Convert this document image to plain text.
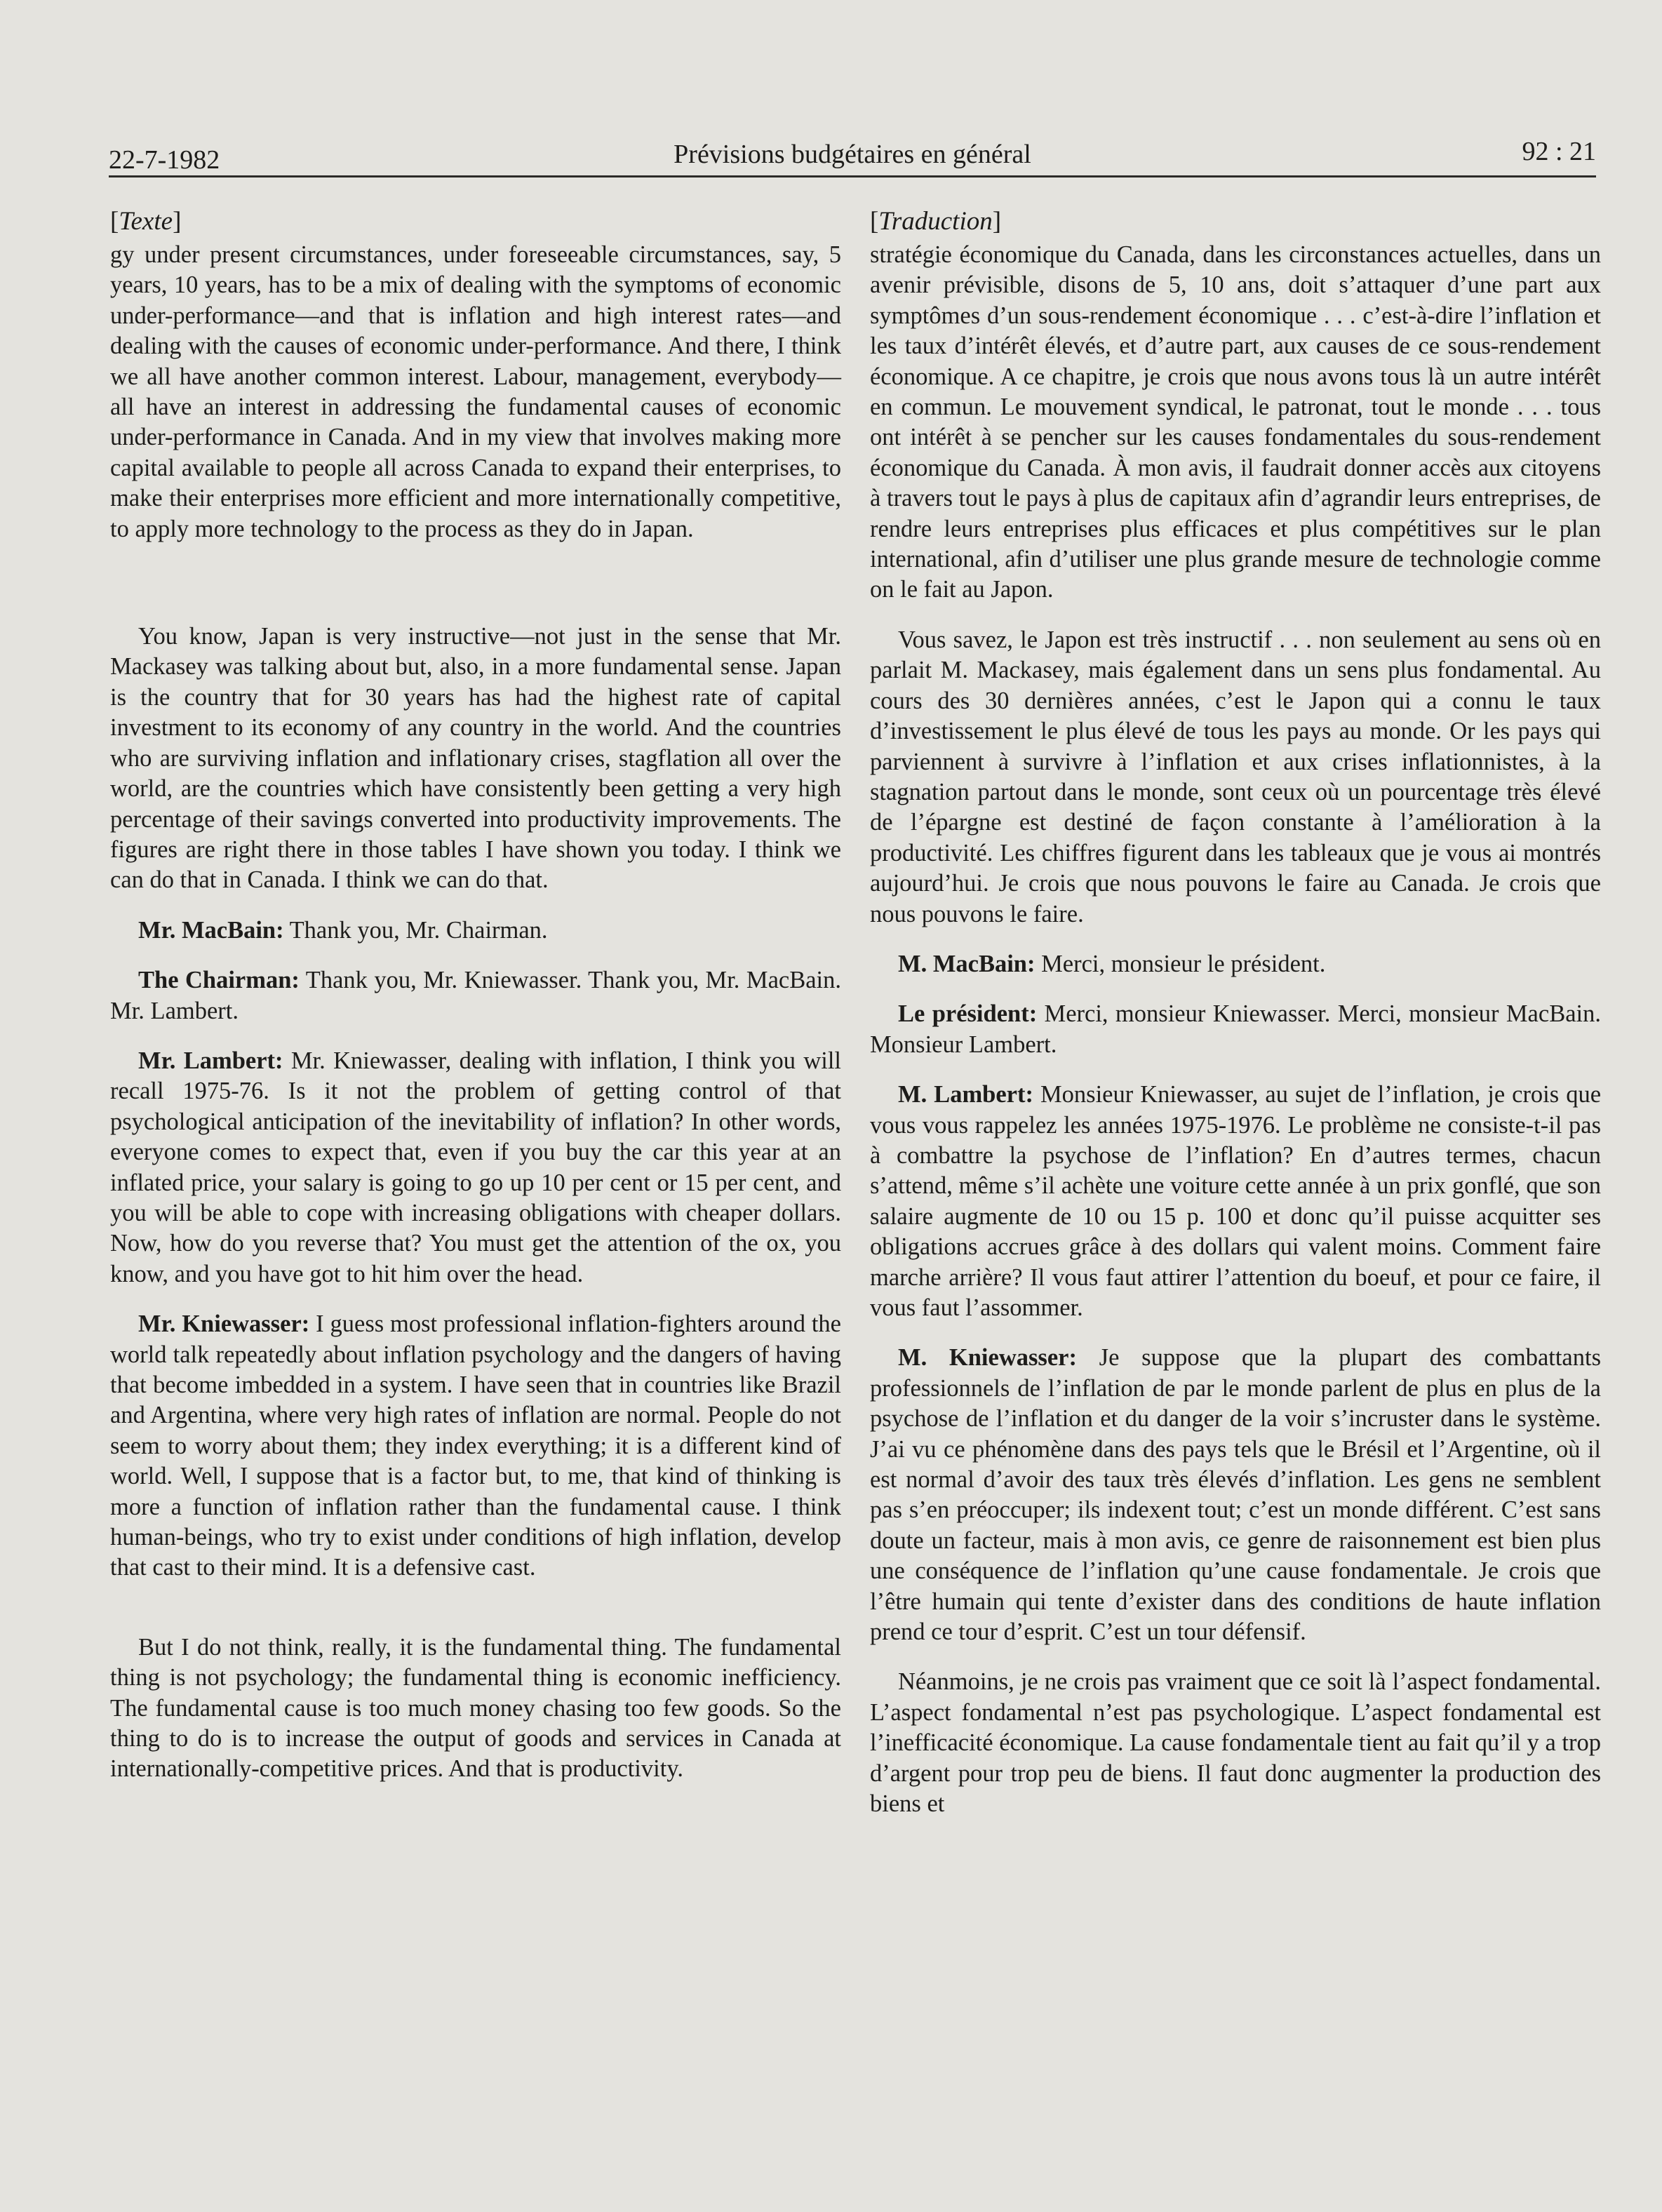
22-7-1982	Prévisions budgétaires en général	92 : 21
[Texte]

gy under present circumstances, under foreseeable circumstances, say, 5 years, 10 years, has to be a mix of dealing with the symptoms of economic under-performance—and that is inflation and high interest rates—and dealing with the causes of economic under-performance. And there, I think we all have another common interest. Labour, management, everybody—all have an interest in addressing the fundamental causes of economic under-performance in Canada. And in my view that involves making more capital available to people all across Canada to expand their enterprises, to make their enterprises more efficient and more internationally competitive, to apply more technology to the process as they do in Japan.

You know, Japan is very instructive—not just in the sense that Mr. Mackasey was talking about but, also, in a more fundamental sense. Japan is the country that for 30 years has had the highest rate of capital investment to its economy of any country in the world. And the countries who are surviving inflation and inflationary crises, stagflation all over the world, are the countries which have consistently been getting a very high percentage of their savings converted into productivity improvements. The figures are right there in those tables I have shown you today. I think we can do that in Canada. I think we can do that.

Mr. MacBain: Thank you, Mr. Chairman.

The Chairman: Thank you, Mr. Kniewasser. Thank you, Mr. MacBain. Mr. Lambert.

Mr. Lambert: Mr. Kniewasser, dealing with inflation, I think you will recall 1975-76. Is it not the problem of getting control of that psychological anticipation of the inevitability of inflation? In other words, everyone comes to expect that, even if you buy the car this year at an inflated price, your salary is going to go up 10 per cent or 15 per cent, and you will be able to cope with increasing obligations with cheaper dollars. Now, how do you reverse that? You must get the attention of the ox, you know, and you have got to hit him over the head.

Mr. Kniewasser: I guess most professional inflation-fighters around the world talk repeatedly about inflation psychology and the dangers of having that become imbedded in a system. I have seen that in countries like Brazil and Argentina, where very high rates of inflation are normal. People do not seem to worry about them; they index everything; it is a different kind of world. Well, I suppose that is a factor but, to me, that kind of thinking is more a function of inflation rather than the fundamental cause. I think human-beings, who try to exist under conditions of high inflation, develop that cast to their mind. It is a defensive cast.

But I do not think, really, it is the fundamental thing. The fundamental thing is not psychology; the fundamental thing is economic inefficiency. The fundamental cause is too much money chasing too few goods. So the thing to do is to increase the output of goods and services in Canada at internationally-competitive prices. And that is productivity.

[Traduction]

stratégie économique du Canada, dans les circonstances actuelles, dans un avenir prévisible, disons de 5, 10 ans, doit s’attaquer d’une part aux symptômes d’un sous-rendement économique . . . c’est-à-dire l’inflation et les taux d’intérêt élevés, et d’autre part, aux causes de ce sous-rendement économique. A ce chapitre, je crois que nous avons tous là un autre intérêt en commun. Le mouvement syndical, le patronat, tout le monde . . . tous ont intérêt à se pencher sur les causes fondamentales du sous-rendement économique du Canada. À mon avis, il faudrait donner accès aux citoyens à travers tout le pays à plus de capitaux afin d’agrandir leurs entreprises, de rendre leurs entreprises plus efficaces et plus compétitives sur le plan international, afin d’utiliser une plus grande mesure de technologie comme on le fait au Japon.

Vous savez, le Japon est très instructif . . . non seulement au sens où en parlait M. Mackasey, mais également dans un sens plus fondamental. Au cours des 30 dernières années, c’est le Japon qui a connu le taux d’investissement le plus élevé de tous les pays au monde. Or les pays qui parviennent à survivre à l’inflation et aux crises inflationnistes, à la stagnation partout dans le monde, sont ceux où un pourcentage très élevé de l’épargne est destiné de façon constante à l’amélioration à la productivité. Les chiffres figurent dans les tableaux que je vous ai montrés aujourd’hui. Je crois que nous pouvons le faire au Canada. Je crois que nous pouvons le faire.

M. MacBain: Merci, monsieur le président.

Le président: Merci, monsieur Kniewasser. Merci, monsieur MacBain. Monsieur Lambert.

M. Lambert: Monsieur Kniewasser, au sujet de l’inflation, je crois que vous vous rappelez les années 1975-1976. Le problème ne consiste-t-il pas à combattre la psychose de l’inflation? En d’autres termes, chacun s’attend, même s’il achète une voiture cette année à un prix gonflé, que son salaire augmente de 10 ou 15 p. 100 et donc qu’il puisse acquitter ses obligations accrues grâce à des dollars qui valent moins. Comment faire marche arrière? Il vous faut attirer l’attention du boeuf, et pour ce faire, il vous faut l’assommer.

M. Kniewasser: Je suppose que la plupart des combattants professionnels de l’inflation de par le monde parlent de plus en plus de la psychose de l’inflation et du danger de la voir s’incruster dans le système. J’ai vu ce phénomène dans des pays tels que le Brésil et l’Argentine, où il est normal d’avoir des taux très élevés d’inflation. Les gens ne semblent pas s’en préoccuper; ils indexent tout; c’est un monde différent. C’est sans doute un facteur, mais à mon avis, ce genre de raisonnement est bien plus une conséquence de l’inflation qu’une cause fondamentale. Je crois que l’être humain qui tente d’exister dans des conditions de haute inflation prend ce tour d’esprit. C’est un tour défensif.

Néanmoins, je ne crois pas vraiment que ce soit là l’aspect fondamental. L’aspect fondamental n’est pas psychologique. L’aspect fondamental est l’inefficacité économique. La cause fondamentale tient au fait qu’il y a trop d’argent pour trop peu de biens. Il faut donc augmenter la production des biens et
